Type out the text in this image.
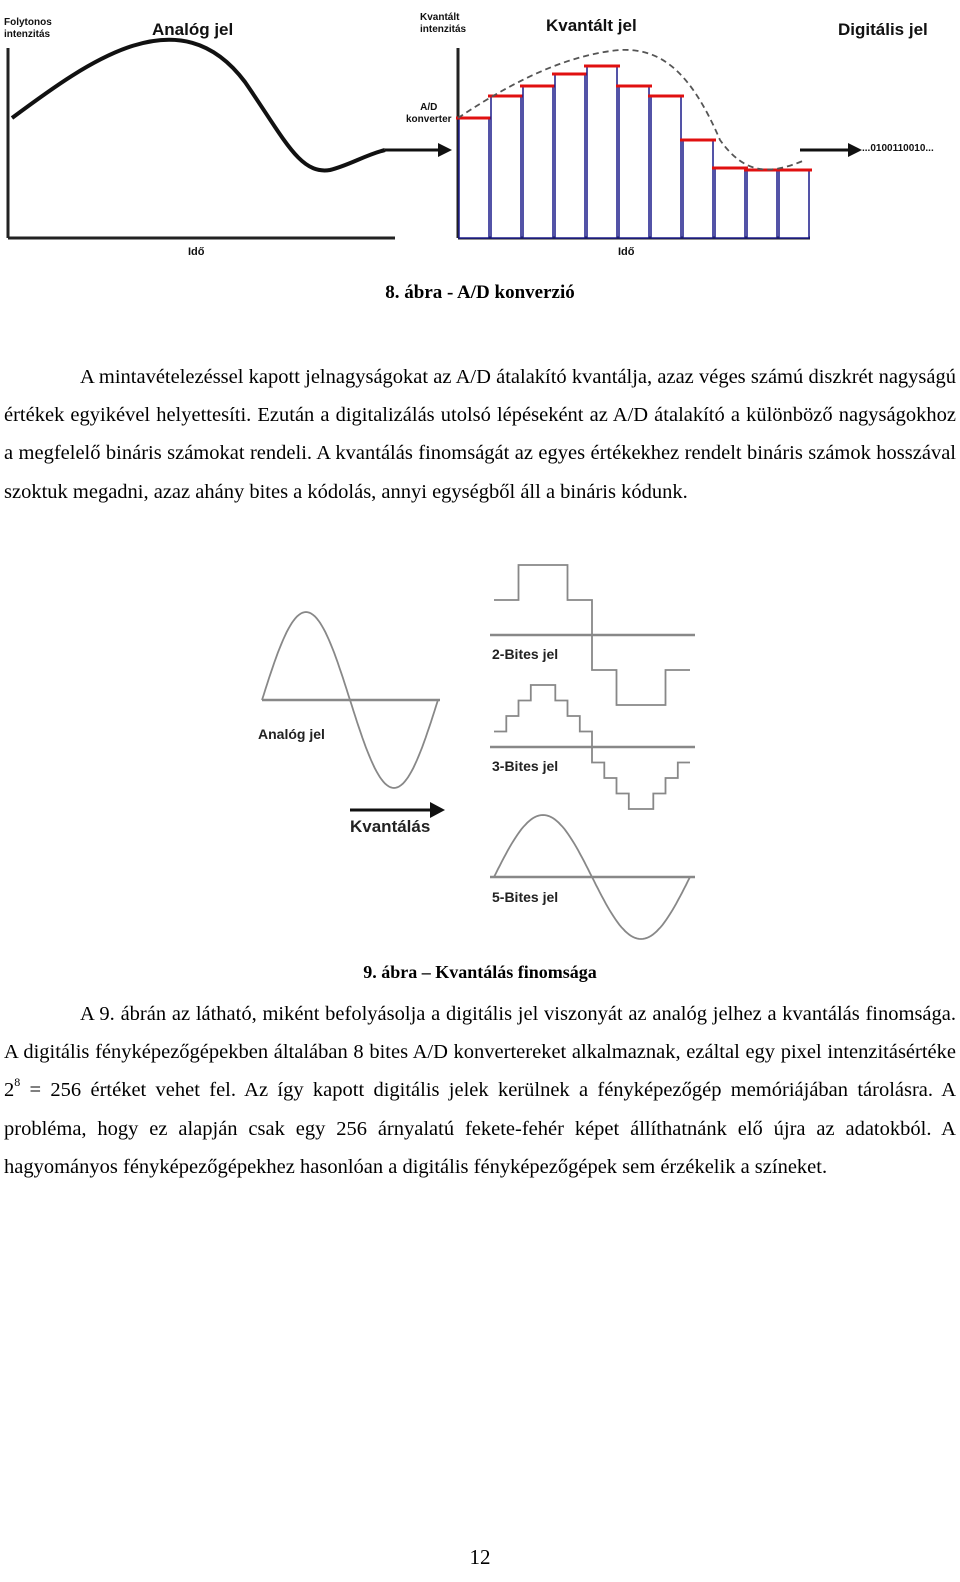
Folytonos
intenzitás	Analóg jel
Idő
A/D
konverter
Kvantált
intenzitás	Kvantált jel
Idő
Digitális jel
...0100110010...
8. ábra - A/D konverzió

A mintavételezéssel kapott jelnagyságokat az A/D átalakító kvantálja, azaz véges számú diszkrét nagyságú értékek egyikével helyettesíti. Ezután a digitalizálás utolsó lépéseként az A/D átalakító a különböző nagyságokhoz a megfelelő bináris számokat rendeli. A kvantálás finomságát az egyes értékekhez rendelt bináris számok hosszával szoktuk megadni, azaz ahány bites a kódolás, annyi egységből áll a bináris kódunk.

Analóg jel
Kvantálás
2-Bites jel
3-Bites jel
5-Bites jel
9. ábra – Kvantálás finomsága

A 9. ábrán az látható, miként befolyásolja a digitális jel viszonyát az analóg jelhez a kvantálás finomsága. A digitális fényképezőgépekben általában 8 bites A/D konvertereket alkalmaznak, ezáltal egy pixel intenzitásértéke $2^8 = 256$ értéket vehet fel. Az így kapott digitális jelek kerülnek a fényképezőgép memóriájában tárolásra. A probléma, hogy ez alapján csak egy 256 árnyalatú fekete-fehér képet állíthatnánk elő újra az adatokból. A hagyományos fényképezőgépekhez hasonlóan a digitális fényképezőgépek sem érzékelik a színeket.

12
